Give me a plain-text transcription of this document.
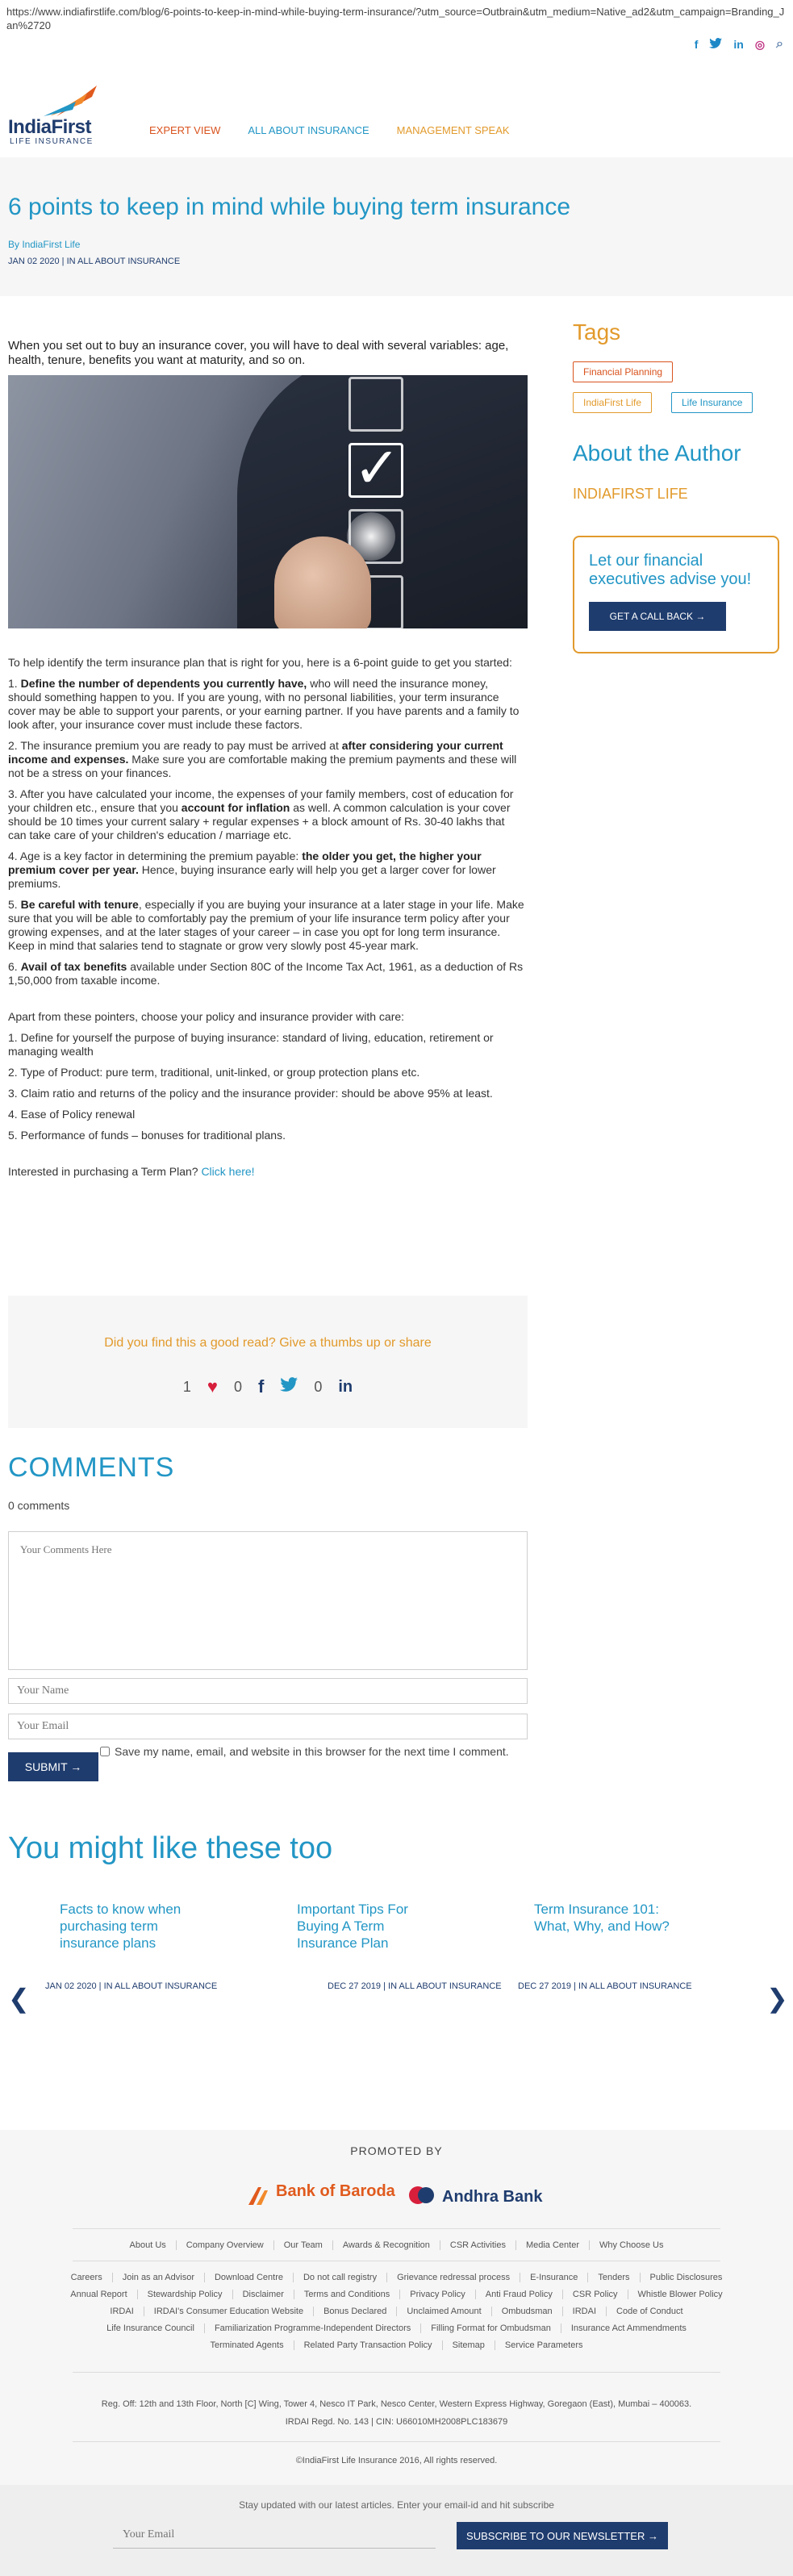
https://www.indiafirstlife.com/blog/6-points-to-keep-in-mind-while-buying-term-insurance/?utm_source=Outbrain&utm_medium=Native_ad2&utm_campaign=Branding_Jan%2720
f	in ◎ ⌕
IndiaFirst
LIFE INSURANCE
EXPERT VIEW	ALL ABOUT INSURANCE	MANAGEMENT SPEAK
6 points to keep in mind while buying term insurance
By IndiaFirst Life
JAN 02 2020 | IN ALL ABOUT INSURANCE

When you set out to buy an insurance cover, you will have to deal with several variables: age, health, tenure, benefits you want at maturity, and so on.

✓

To help identify the term insurance plan that is right for you, here is a 6-point guide to get you started:

1. Define the number of dependents you currently have, who will need the insurance money, should something happen to you. If you are young, with no personal liabilities, your term insurance cover may be able to support your parents, or your earning partner. If you have parents and a family to look after, your insurance cover must include these factors.

2. The insurance premium you are ready to pay must be arrived at after considering your current income and expenses. Make sure you are comfortable making the premium payments and these will not be a stress on your finances.

3. After you have calculated your income, the expenses of your family members, cost of education for your children etc., ensure that you account for inflation as well. A common calculation is your cover should be 10 times your current salary + regular expenses + a block amount of Rs. 30-40 lakhs that can take care of your children's education / marriage etc.

4. Age is a key factor in determining the premium payable: the older you get, the higher your premium cover per year. Hence, buying insurance early will help you get a larger cover for lower premiums.

5. Be careful with tenure, especially if you are buying your insurance at a later stage in your life. Make sure that you will be able to comfortably pay the premium of your life insurance term policy after your growing expenses, and at the later stages of your career – in case you opt for long term insurance. Keep in mind that salaries tend to stagnate or grow very slowly post 45-year mark.

6. Avail of tax benefits available under Section 80C of the Income Tax Act, 1961, as a deduction of Rs 1,50,000 from taxable income.

Apart from these pointers, choose your policy and insurance provider with care:

1. Define for yourself the purpose of buying insurance: standard of living, education, retirement or managing wealth

2. Type of Product: pure term, traditional, unit-linked, or group protection plans etc.

3. Claim ratio and returns of the policy and the insurance provider: should be above 95% at least.

4. Ease of Policy renewal

5. Performance of funds – bonuses for traditional plans.

Interested in purchasing a Term Plan? Click here!

Did you find this a good read? Give a thumbs up or share
1 ♥ 0 f	0 in
COMMENTS
0 comments
Your Comments Here
Your Name
Your Email
Save my name, email, and website in this browser for the next time I comment.
SUBMIT →
You might like these too
❮
Facts to know when purchasing term insurance plans
JAN 02 2020 | IN ALL ABOUT INSURANCE
Important Tips For Buying A Term Insurance Plan
DEC 27 2019 | IN ALL ABOUT INSURANCE
Term Insurance 101: What, Why, and How?
DEC 27 2019 | IN ALL ABOUT INSURANCE	❯
PROMOTED BY
Bank of Baroda	Andhra Bank
About Us	Company Overview	Our Team	Awards & Recognition	CSR Activities	Media Center	Why Choose Us
Careers	Join as an Advisor	Download Centre	Do not call registry	Grievance redressal process	E-Insurance	Tenders	Public Disclosures
Annual Report	Stewardship Policy	Disclaimer	Terms and Conditions	Privacy Policy	Anti Fraud Policy	CSR Policy	Whistle Blower Policy
IRDAI	IRDAI's Consumer Education Website	Bonus Declared	Unclaimed Amount	Ombudsman	IRDAI	Code of Conduct
Life Insurance Council	Familiarization Programme-Independent Directors	Filling Format for Ombudsman	Insurance Act Ammendments
Terminated Agents	Related Party Transaction Policy	Sitemap	Service Parameters
Reg. Off: 12th and 13th Floor, North [C] Wing, Tower 4, Nesco IT Park, Nesco Center, Western Express Highway, Goregaon (East), Mumbai – 400063.
IRDAI Regd. No. 143 | CIN: U66010MH2008PLC183679
©IndiaFirst Life Insurance 2016, All rights reserved.
Stay updated with our latest articles. Enter your email-id and hit subscribe
Your Email
SUBSCRIBE TO OUR NEWSLETTER →
Tags
Financial Planning
IndiaFirst Life	Life Insurance
About the Author
INDIAFIRST LIFE
Let our financial executives advise you!
GET A CALL BACK →
